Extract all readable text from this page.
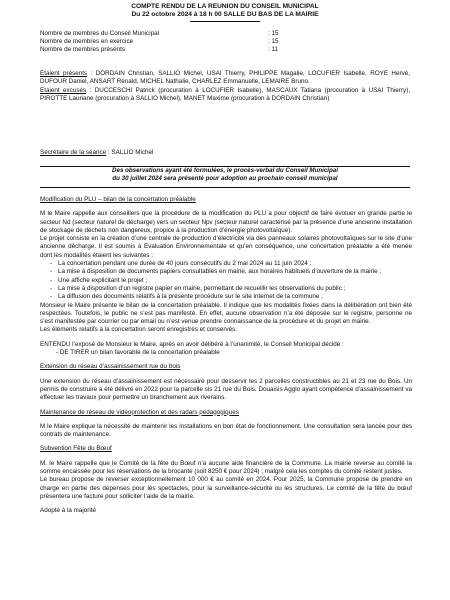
COMPTE RENDU DE LA REUNION DU CONSEIL MUNICIPAL
Du 22 octobre 2024 à 18 h 00 SALLE DU BAS DE LA MAIRIE
Nombre de membres du Conseil Municipal	: 15
Nombre de membres en exercice	: 15
Nombre de membres présents	: 11
Etaient présents : DORDAIN Christian, SALLIO Michel, USAI Thierry, PHILIPPE Magalie, LOCUFIER Isabelle, ROYE Hervé, DUFOUR Daniel, ANSART Rénald, MICHEL Nathalie, CHARLEZ Emmanuelle, LEMAIRE Bruno.
Etaient excusés : DUCCESCHI Patrick (procuration à LOCUFIER Isabelle), MASCAUX Tatiana (procuration à USAI Thierry), PIROTTE Lauriane (procuration à SALLIO Michel), MANET Maxime (procuration à DORDAIN Christian)
Secrétaire de la séance : SALLIO Michel
Des observations ayant été formulées, le procès-verbal du Conseil Municipal
du 30 juillet 2024 sera présenté pour adoption au prochain conseil municipal

Modification du PLU – bilan de la concertation préalable

M le Maire rappelle aux conseillers que la procédure de la modification du PLU a pour objectif de faire évoluer en grande partie le secteur Nd (secteur naturel de décharge) vers un secteur Npv (secteur naturel caractérisé par la présence d’une ancienne installation de stockage de déchets non dangereux, propice à la production d’énergie photovoltaïque).

Le projet consiste en la création d’une centrale de production d’électricité via des panneaux solaires photovoltaïques sur le site d’une ancienne décharge. Il est soumis à Evaluation Environnementale et qu’en conséquence, une concertation préalable a été menée dont les modalités étaient les suivantes :

- La concertation pendant une durée de 40 jours consécutifs du 2 mai 2024 au 11 juin 2024 ;
- La mise à disposition de documents papiers consultables en mairie, aux horaires habituels d’ouverture de la mairie ;
- Une affiche explicitant le projet ;
- La mise à disposition d’un registre papier en mairie, permettant de recueillir les observations du public ;
- La diffusion des documents relatifs à la présente procédure sur le site internet de la commune ;

Monsieur le Maire présente le bilan de la concertation préalable. Il indique que les modalités fixées dans la délibération ont bien été respectées. Toutefois, le public ne s’est pas manifesté. En effet, aucune observation n’a été déposée sur le registre, personne ne s’est manifestée par courrier ou par email ou n’est venue prendre connaissance de la procédure et du projet en mairie.

Les éléments relatifs à la concertation seront enregistrés et conservés.

ENTENDU l’exposé de Monsieur le Maire, après en avoir délibéré à l’unanimité, le Conseil Municipal décide :

- DE TIRER un bilan favorable de la concertation préalable

Extension du réseau d’assainissement rue du bois

Une extension du réseau d’assainissement est nécessaire pour desservir les 2 parcelles constructibles au 21 et 23 rue du Bois. Un permis de construire a été délivré en 2022 pour la parcelle sis 21 rue du Bois. Douaisis Agglo ayant compétence d’assainissement va effectuer les travaux pour permettre un branchement aux riverains.

Maintenance de réseau de vidéoprotection et des radars pédagogiques

M le Maire explique la nécessité de maintenir les installations en bon état de fonctionnement. Une consultation sera lancée pour des contrats de maintenance.

Subvention Fête du Bœuf

M. le Maire rappelle que le Comité de la fête du Bœuf n’a aucune aide financière de la Commune. La mairie reverse au comité la somme encaissée pour les réservations de la brocante (soit 8250 € pour 2024) ; malgré cela les comptes du comité restent justes.

Le bureau propose de reverser exceptionnellement 10 000 € au comité en 2024. Pour 2025, la Commune propose de prendre en charge en partie des dépenses pour les spectacles, pour la surveillance-sécurité ou les structures. Le comité de la fête du bœuf présentera une facture pour solliciter l’aide de la mairie.

Adopté à la majorité
